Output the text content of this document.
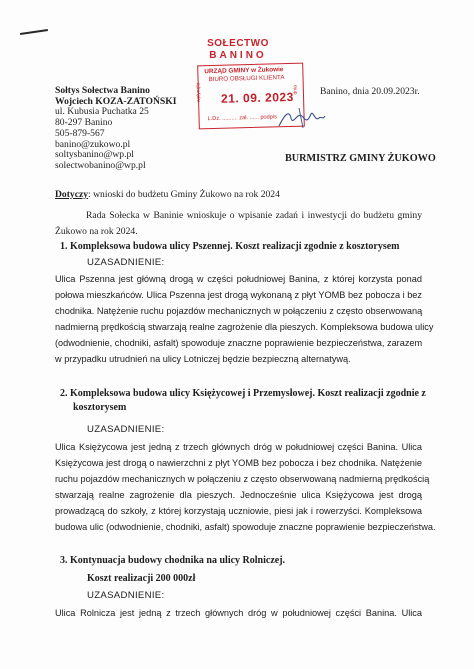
Sołtys Sołectwa Banino
Wojciech KOZA-ZATOŃSKI
ul. Kubusia Puchatka 25
80-297 Banino
505-879-567
banino@zukowo.pl
soltysbanino@wp.pl
solectwobanino@wp.pl
Banino, dnia 20.09.2023r.
SOŁECTWO
BANINO
URZĄD GMINY w Żukowie
BIURO OBSŁUGI KLIENTA
wpłynęło 21. 09. 2023
dnia
L.Dz. .......... zał. ...... podpis
BURMISTRZ GMINY ŻUKOWO
Dotyczy: wnioski do budżetu Gminy Żukowo na rok 2024
Rada Sołecka w Baninie wnioskuje o wpisanie zadań i inwestycji do budżetu gminy
Żukowo na rok 2024.
1. Kompleksowa budowa ulicy Pszennej. Koszt realizacji zgodnie z kosztorysem
UZASADNIENIE:
Ulica Pszenna jest główną drogą w części południowej Banina, z której korzysta ponad
połowa mieszkańców. Ulica Pszenna jest drogą wykonaną z płyt YOMB bez pobocza i bez
chodnika. Natężenie ruchu pojazdów mechanicznych w połączeniu z często obserwowaną
nadmierną prędkością stwarzają realne zagrożenie dla pieszych. Kompleksowa budowa ulicy
(odwodnienie, chodniki, asfalt) spowoduje znaczne poprawienie bezpieczeństwa, zarazem
w przypadku utrudnień na ulicy Lotniczej będzie bezpieczną alternatywą.
2. Kompleksowa budowa ulicy Księżycowej i Przemysłowej. Koszt realizacji zgodnie z
kosztorysem
UZASADNIENIE:
Ulica Księżycowa jest jedną z trzech głównych dróg w południowej części Banina. Ulica
Księżycowa jest drogą o nawierzchni z płyt YOMB bez pobocza i bez chodnika. Natężenie
ruchu pojazdów mechanicznych w połączeniu z często obserwowaną nadmierną prędkością
stwarzają realne zagrożenie dla pieszych. Jednocześnie ulica Księżycowa jest drogą
prowadzącą do szkoły, z której korzystają uczniowie, piesi jak i rowerzyści. Kompleksowa
budowa ulic (odwodnienie, chodniki, asfalt) spowoduje znaczne poprawienie bezpieczeństwa.
3. Kontynuacja budowy chodnika na ulicy Rolniczej.
Koszt realizacji 200 000zł
UZASADNIENIE:
Ulica Rolnicza jest jedną z trzech głównych dróg w południowej części Banina. Ulica
